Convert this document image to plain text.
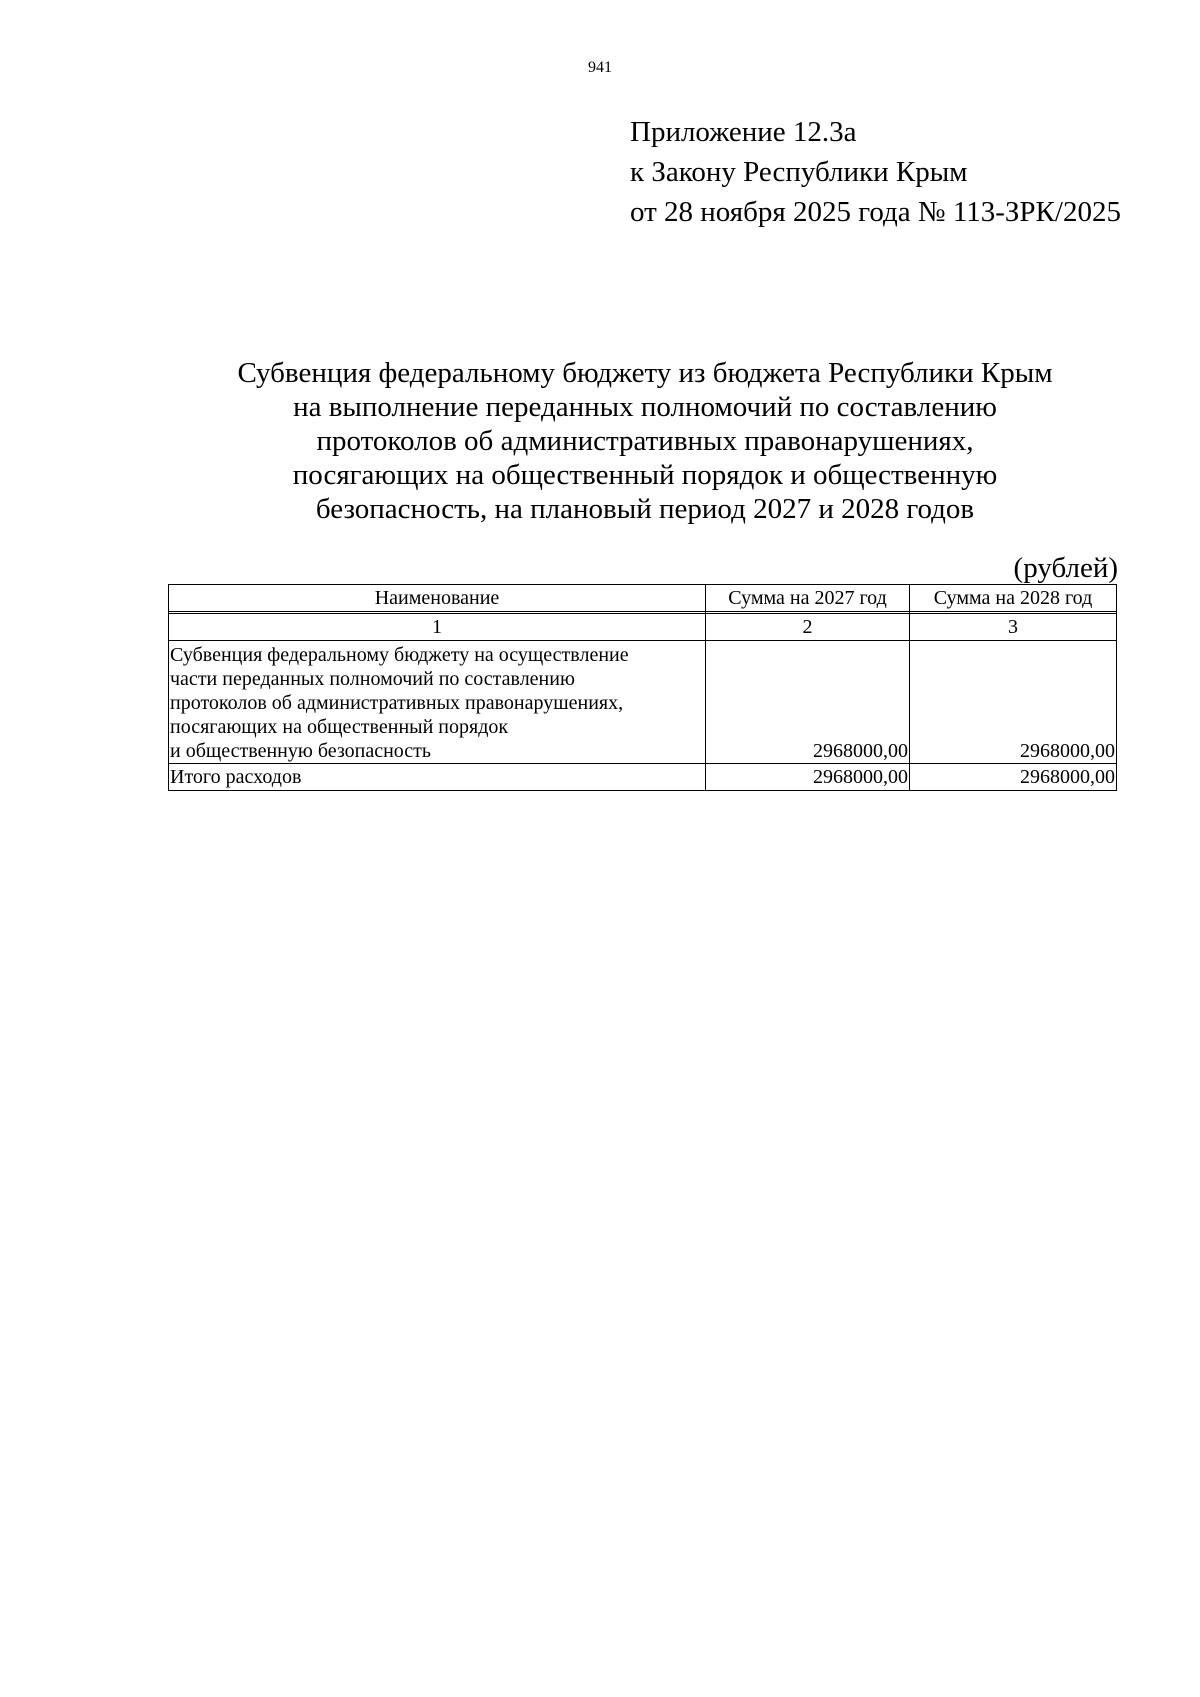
941
Приложение 12.3а
к Закону Республики Крым
от 28 ноября 2025 года № 113-ЗРК/2025
Субвенция федеральному бюджету из бюджета Республики Крым
на выполнение переданных полномочий по составлению
протоколов об административных правонарушениях,
посягающих на общественный порядок и общественную
безопасность, на плановый период 2027 и 2028 годов
(рублей)
Наименование	Сумма на 2027 год	Сумма на 2028 год

1	2	3

Субвенция федеральному бюджету на осуществление
части переданных полномочий по составлению
протоколов об административных правонарушениях,
посягающих на общественный порядок
и общественную безопасность	2968000,00	2968000,00
Итого расходов	2968000,00	2968000,00
